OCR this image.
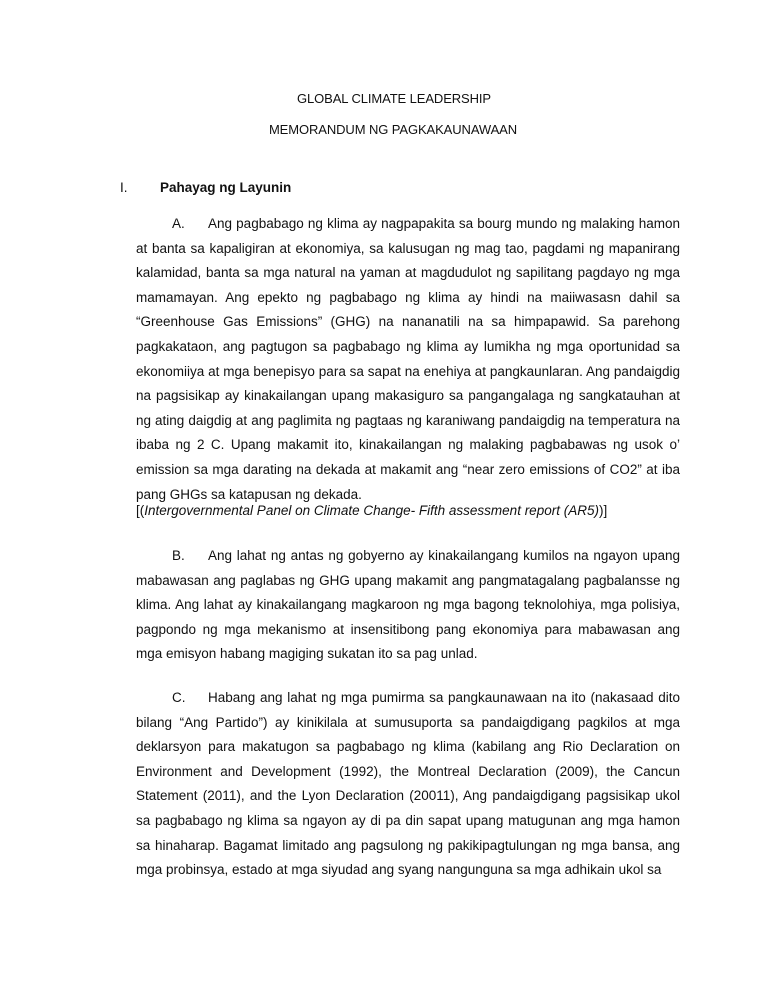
GLOBAL CLIMATE LEADERSHIP
MEMORANDUM NG PAGKAKAUNAWAAN
I. Pahayag ng Layunin

A. Ang pagbabago ng klima ay nagpapakita sa bourg mundo ng malaking hamon at banta sa kapaligiran at ekonomiya, sa kalusugan ng mag tao, pagdami ng mapanirang kalamidad, banta sa mga natural na yaman at magdudulot ng sapilitang pagdayo ng mga mamamayan. Ang epekto ng pagbabago ng klima ay hindi na maiiwasasn dahil sa “Greenhouse Gas Emissions” (GHG) na nananatili na sa himpapawid. Sa parehong pagkakataon, ang pagtugon sa pagbabago ng klima ay lumikha ng mga oportunidad sa ekonomiiya at mga benepisyo para sa sapat na enehiya at pangkaunlaran. Ang pandaigdig na pagsisikap ay kinakailangan upang makasiguro sa pangangalaga ng sangkatauhan at ng ating daigdig at ang paglimita ng pagtaas ng karaniwang pandaigdig na temperatura na ibaba ng 2 C. Upang makamit ito, kinakailangan ng malaking pagbabawas ng usok o’ emission sa mga darating na dekada at makamit ang “near zero emissions of CO2” at iba pang GHGs sa katapusan ng dekada.

[(Intergovernmental Panel on Climate Change- Fifth assessment report (AR5))]

B. Ang lahat ng antas ng gobyerno ay kinakailangang kumilos na ngayon upang mabawasan ang paglabas ng GHG upang makamit ang pangmatagalang pagbalansse ng klima. Ang lahat ay kinakailangang magkaroon ng mga bagong teknolohiya, mga polisiya, pagpondo ng mga mekanismo at insensitibong pang ekonomiya para mabawasan ang mga emisyon habang magiging sukatan ito sa pag unlad.

C. Habang ang lahat ng mga pumirma sa pangkaunawaan na ito (nakasaad dito bilang “Ang Partido”) ay kinikilala at sumusuporta sa pandaigdigang pagkilos at mga deklarsyon para makatugon sa pagbabago ng klima (kabilang ang Rio Declaration on Environment and Development (1992), the Montreal Declaration (2009), the Cancun Statement (2011), and the Lyon Declaration (20011), Ang pandaigdigang pagsisikap ukol sa pagbabago ng klima sa ngayon ay di pa din sapat upang matugunan ang mga hamon sa hinaharap. Bagamat limitado ang pagsulong ng pakikipagtulungan ng mga bansa, ang mga probinsya, estado at mga siyudad ang syang nangunguna sa mga adhikain ukol sa
